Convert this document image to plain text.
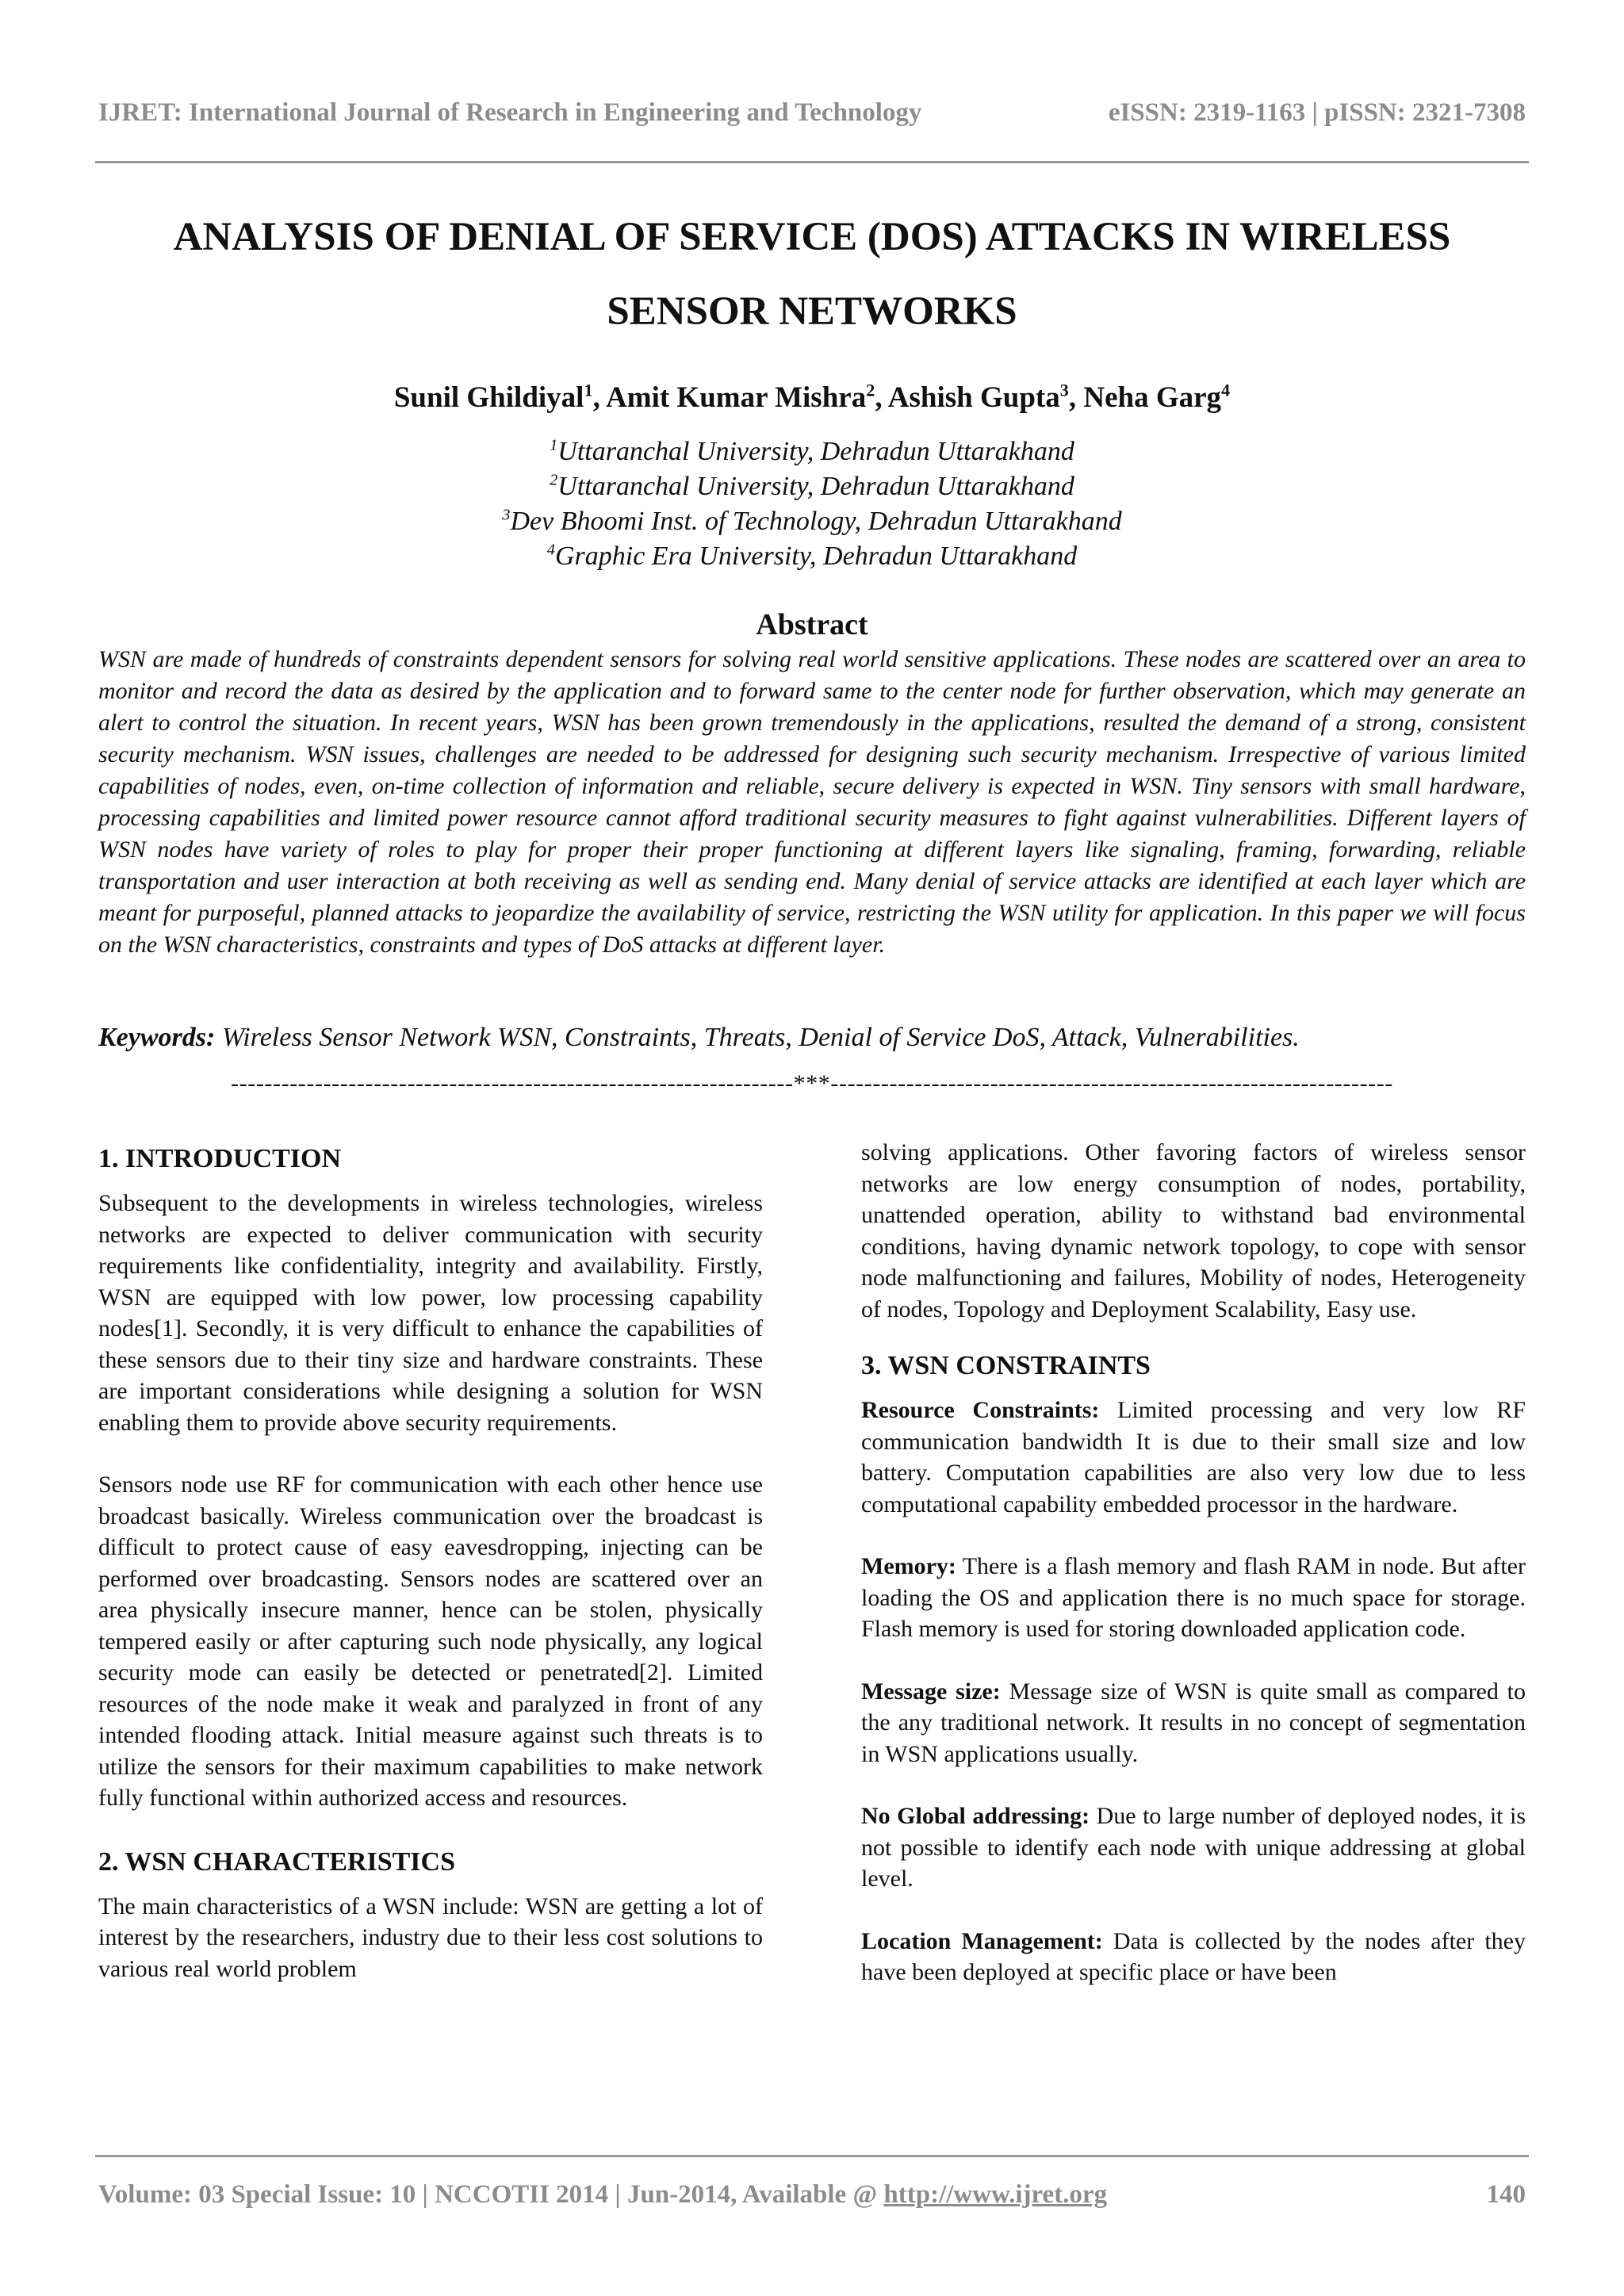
IJRET: International Journal of Research in Engineering and Technology	eISSN: 2319-1163 | pISSN: 2321-7308
ANALYSIS OF DENIAL OF SERVICE (DOS) ATTACKS IN WIRELESS
SENSOR NETWORKS
Sunil Ghildiyal$^1$, Amit Kumar Mishra$^2$, Ashish Gupta$^3$, Neha Garg$^4$
$^1$Uttaranchal University, Dehradun Uttarakhand
$^2$Uttaranchal University, Dehradun Uttarakhand
$^3$Dev Bhoomi Inst. of Technology, Dehradun Uttarakhand
$^4$Graphic Era University, Dehradun Uttarakhand
Abstract
WSN are made of hundreds of constraints dependent sensors for solving real world sensitive applications. These nodes are scattered over an area to monitor and record the data as desired by the application and to forward same to the center node for further observation, which may generate an alert to control the situation. In recent years, WSN has been grown tremendously in the applications, resulted the demand of a strong, consistent security mechanism. WSN issues, challenges are needed to be addressed for designing such security mechanism. Irrespective of various limited capabilities of nodes, even, on-time collection of information and reliable, secure delivery is expected in WSN. Tiny sensors with small hardware, processing capabilities and limited power resource cannot afford traditional security measures to fight against vulnerabilities. Different layers of WSN nodes have variety of roles to play for proper their proper functioning at different layers like signaling, framing, forwarding, reliable transportation and user interaction at both receiving as well as sending end. Many denial of service attacks are identified at each layer which are meant for purposeful, planned attacks to jeopardize the availability of service, restricting the WSN utility for application. In this paper we will focus on the WSN characteristics, constraints and types of DoS attacks at different layer.
Keywords: Wireless Sensor Network WSN, Constraints, Threats, Denial of Service DoS, Attack, Vulnerabilities.
-------------------------------------------------------------------***-------------------------------------------------------------------
1. INTRODUCTION

Subsequent to the developments in wireless technologies, wireless networks are expected to deliver communication with security requirements like confidentiality, integrity and availability. Firstly, WSN are equipped with low power, low processing capability nodes[1]. Secondly, it is very difficult to enhance the capabilities of these sensors due to their tiny size and hardware constraints. These are important considerations while designing a solution for WSN enabling them to provide above security requirements.

Sensors node use RF for communication with each other hence use broadcast basically. Wireless communication over the broadcast is difficult to protect cause of easy eavesdropping, injecting can be performed over broadcasting. Sensors nodes are scattered over an area physically insecure manner, hence can be stolen, physically tempered easily or after capturing such node physically, any logical security mode can easily be detected or penetrated[2]. Limited resources of the node make it weak and paralyzed in front of any intended flooding attack. Initial measure against such threats is to utilize the sensors for their maximum capabilities to make network fully functional within authorized access and resources.

2. WSN CHARACTERISTICS

The main characteristics of a WSN include: WSN are getting a lot of interest by the researchers, industry due to their less cost solutions to various real world problem

solving applications. Other favoring factors of wireless sensor networks are low energy consumption of nodes, portability, unattended operation, ability to withstand bad environmental conditions, having dynamic network topology, to cope with sensor node malfunctioning and failures, Mobility of nodes, Heterogeneity of nodes, Topology and Deployment Scalability, Easy use.

3. WSN CONSTRAINTS

Resource Constraints: Limited processing and very low RF communication bandwidth It is due to their small size and low battery. Computation capabilities are also very low due to less computational capability embedded processor in the hardware.

Memory: There is a flash memory and flash RAM in node. But after loading the OS and application there is no much space for storage. Flash memory is used for storing downloaded application code.

Message size: Message size of WSN is quite small as compared to the any traditional network. It results in no concept of segmentation in WSN applications usually.

No Global addressing: Due to large number of deployed nodes, it is not possible to identify each node with unique addressing at global level.

Location Management: Data is collected by the nodes after they have been deployed at specific place or have been

Volume: 03 Special Issue: 10 | NCCOTII 2014 | Jun-2014, Available @ http://www.ijret.org	140
